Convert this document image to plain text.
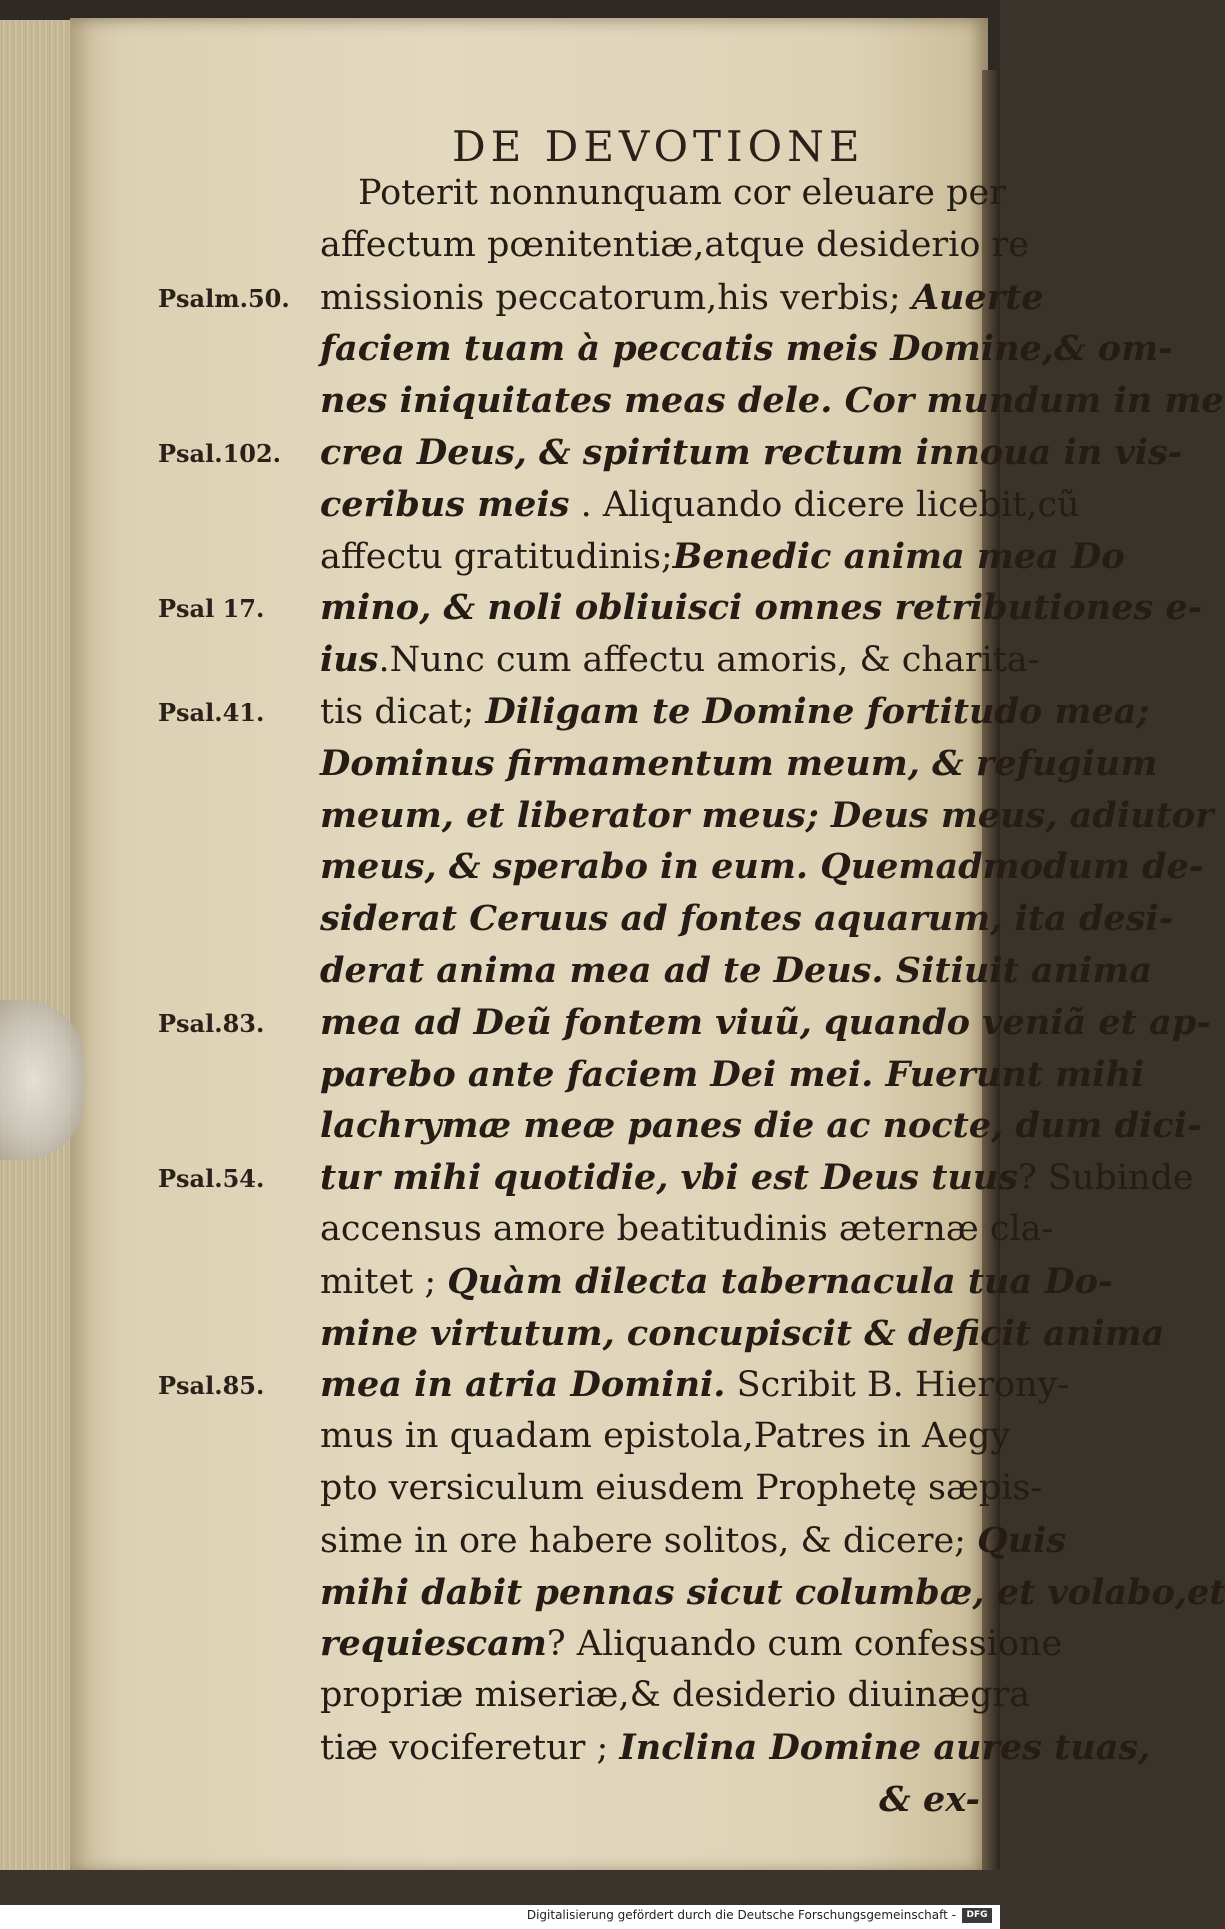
DE DEVOTIONE
Psalm.50.
Psal.102.
Psal 17.
Psal.41.
Psal.83.
Psal.54.
Psal.85.
Poterit nonnunquam cor eleuare per
affectum pœnitentiæ,atque desiderio re
missionis peccatorum,his verbis; Auerte
faciem tuam à peccatis meis Domine,& om-
nes iniquitates meas dele. Cor mundum in me
crea Deus, & spiritum rectum innoua in vis-
ceribus meis . Aliquando dicere licebit,cũ
affectu gratitudinis;Benedic anima mea Do
mino, & noli obliuisci omnes retributiones e-
ius.Nunc cum affectu amoris, & charita-
tis dicat; Diligam te Domine fortitudo mea;
Dominus firmamentum meum, & refugium
meum, et liberator meus; Deus meus, adiutor
meus, & sperabo in eum. Quemadmodum de-
siderat Ceruus ad fontes aquarum, ita desi-
derat anima mea ad te Deus. Sitiuit anima
mea ad Deũ fontem viuũ, quando veniã et ap-
parebo ante faciem Dei mei. Fuerunt mihi
lachrymæ meæ panes die ac nocte, dum dici-
tur mihi quotidie, vbi est Deus tuus? Subinde
accensus amore beatitudinis æternæ cla-
mitet ; Quàm dilecta tabernacula tua Do-
mine virtutum, concupiscit & deficit anima
mea in atria Domini. Scribit B. Hierony-
mus in quadam epistola,Patres in Aegy
pto versiculum eiusdem Prophetę sæpis-
sime in ore habere solitos, & dicere; Quis
mihi dabit pennas sicut columbæ, et volabo,et
requiescam? Aliquando cum confessione
propriæ miseriæ,& desiderio diuinægra
tiæ vociferetur ; Inclina Domine aures tuas,
& ex-
Digitalisierung gefördert durch die Deutsche Forschungsgemeinschaft -	DFG
